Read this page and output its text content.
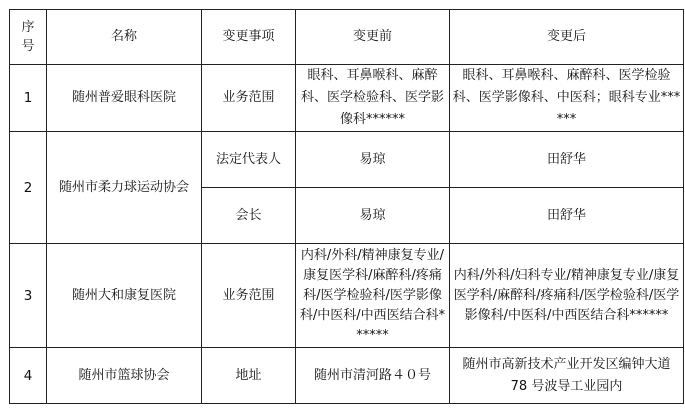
序号	名称	变更事项	变更前	变更后
1	随州普爱眼科医院	业务范围	眼科、耳鼻喉科、麻醉科、医学检验科、医学影像科******	眼科、耳鼻喉科、麻醉科、医学检验科、医学影像科、中医科；眼科专业******
2	随州市柔力球运动协会	法定代表人	易琼	田舒华
		会长	易琼	田舒华
3	随州大和康复医院	业务范围	内科/外科/精神康复专业/康复医学科/麻醉科/疼痛科/医学检验科/医学影像科/中医科/中西医结合科******	内科/外科/妇科专业/精神康复专业/康复医学科/麻醉科/疼痛科/医学检验科/医学影像科/中医科/中西医结合科******
4	随州市篮球协会	地址	随州市清河路４０号	随州市高新技术产业开发区编钟大道78 号波导工业园内
